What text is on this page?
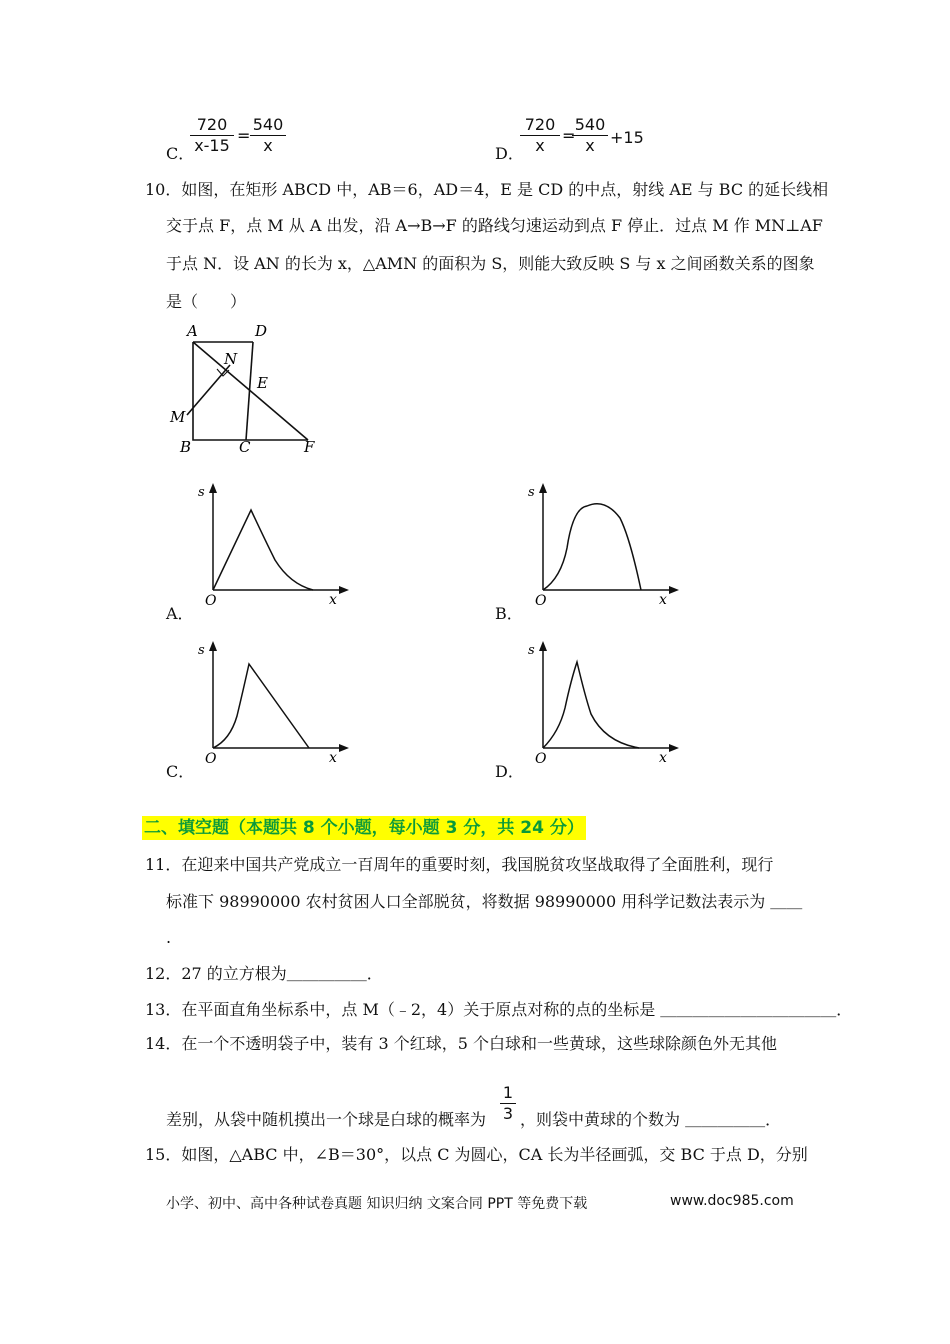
C．
720
x-15
=
540
x	D．
720
x
=
540
x +15
10．如图，在矩形 ABCD 中，AB＝6，AD＝4，E 是 CD 的中点，射线 AE 与 BC 的延长线相
交于点 F，点 M 从 A 出发，沿 A→B→F 的路线匀速运动到点 F 停止．过点 M 作 MN⊥AF
于点 N．设 AN 的长为 x，△AMN 的面积为 S，则能大致反映 S 与 x 之间函数关系的图象
是（　　）
A	D
N
E
M
B	C	F
s
x
O
A．
s
x
O
B．
s
x
O
C．
s
x
O
D．
二、填空题（本题共 8 个小题，每小题 3 分，共 24 分）
11．在迎来中国共产党成立一百周年的重要时刻，我国脱贫攻坚战取得了全面胜利，现行
标准下 98990000 农村贫困人口全部脱贫，将数据 98990000 用科学记数法表示为 ＿＿
.
12．27 的立方根为＿＿＿＿＿．
13．在平面直角坐标系中，点 M（﹣2，4）关于原点对称的点的坐标是 ＿＿＿＿＿＿＿＿＿＿＿．
14．在一个不透明袋子中，装有 3 个红球，5 个白球和一些黄球，这些球除颜色外无其他
差别，从袋中随机摸出一个球是白球的概率为
1
3 ，则袋中黄球的个数为 ＿＿＿＿＿．
15．如图，△ABC 中，∠B＝30°，以点 C 为圆心，CA 长为半径画弧，交 BC 于点 D，分别
小学、初中、高中各种试卷真题 知识归纳 文案合同 PPT 等免费下载	www.doc985.com
